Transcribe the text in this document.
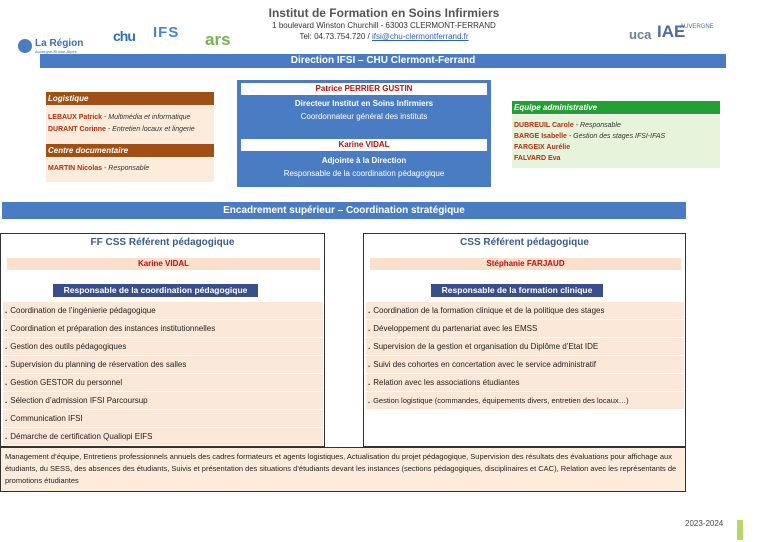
La Région
Auvergne-Rhône-Alpes
chu IFS ars	uca IAE
AUVERGNE
Institut de Formation en Soins Infirmiers
1 boulevard Winston Churchill - 63003 CLERMONT-FERRAND
Tel: 04.73.754.720 / ifsi@chu-clermontferrand.fr
Direction IFSI – CHU Clermont-Ferrand
Logistique
LEBAUX Patrick - Multimédia et informatique
DURANT Corinne - Entretien locaux et lingerie
Centre documentaire
MARTIN Nicolas - Responsable
Patrice PERRIER GUSTIN
Directeur Institut en Soins Infirmiers
Coordonnateur général des instituts
Karine VIDAL
Adjointe à la Direction
Responsable de la coordination pédagogique
Equipe administrative
DUBREUIL Carole - Responsable
BARGE Isabelle - Gestion des stages IFSI-IFAS
FARGEIX Aurélie
FALVARD Eva
Encadrement supérieur – Coordination stratégique
FF CSS Référent pédagogique
Karine VIDAL
Responsable de la coordination pédagogique
. Coordination de l’ingénierie pédagogique
. Coordination et préparation des instances institutionnelles
. Gestion des outils pédagogiques
. Supervision du planning de réservation des salles
. Gestion GESTOR du personnel
. Sélection d’admission IFSI Parcoursup
. Communication IFSI
. Démarche de certification Qualiopi EIFS
CSS Référent pédagogique
Stéphanie FARJAUD
Responsable de la formation clinique
. Coordination de la formation clinique et de la politique des stages
. Développement du partenariat avec les EMSS
. Supervision de la gestion et organisation du Diplôme d’Etat IDE
. Suivi des cohortes en concertation avec le service administratif
. Relation avec les associations étudiantes
. Gestion logistique (commandes, équipements divers, entretien des locaux…)
Management d’équipe, Entretiens professionnels annuels des cadres formateurs et agents logistiques, Actualisation du projet pédagogique, Supervision des résultats des évaluations pour affichage aux étudiants, du SESS, des absences des étudiants, Suivis et présentation des situations d’étudiants devant les instances (sections pédagogiques, disciplinaires et CAC), Relation avec les représentants de promotions étudiantes
2023-2024
